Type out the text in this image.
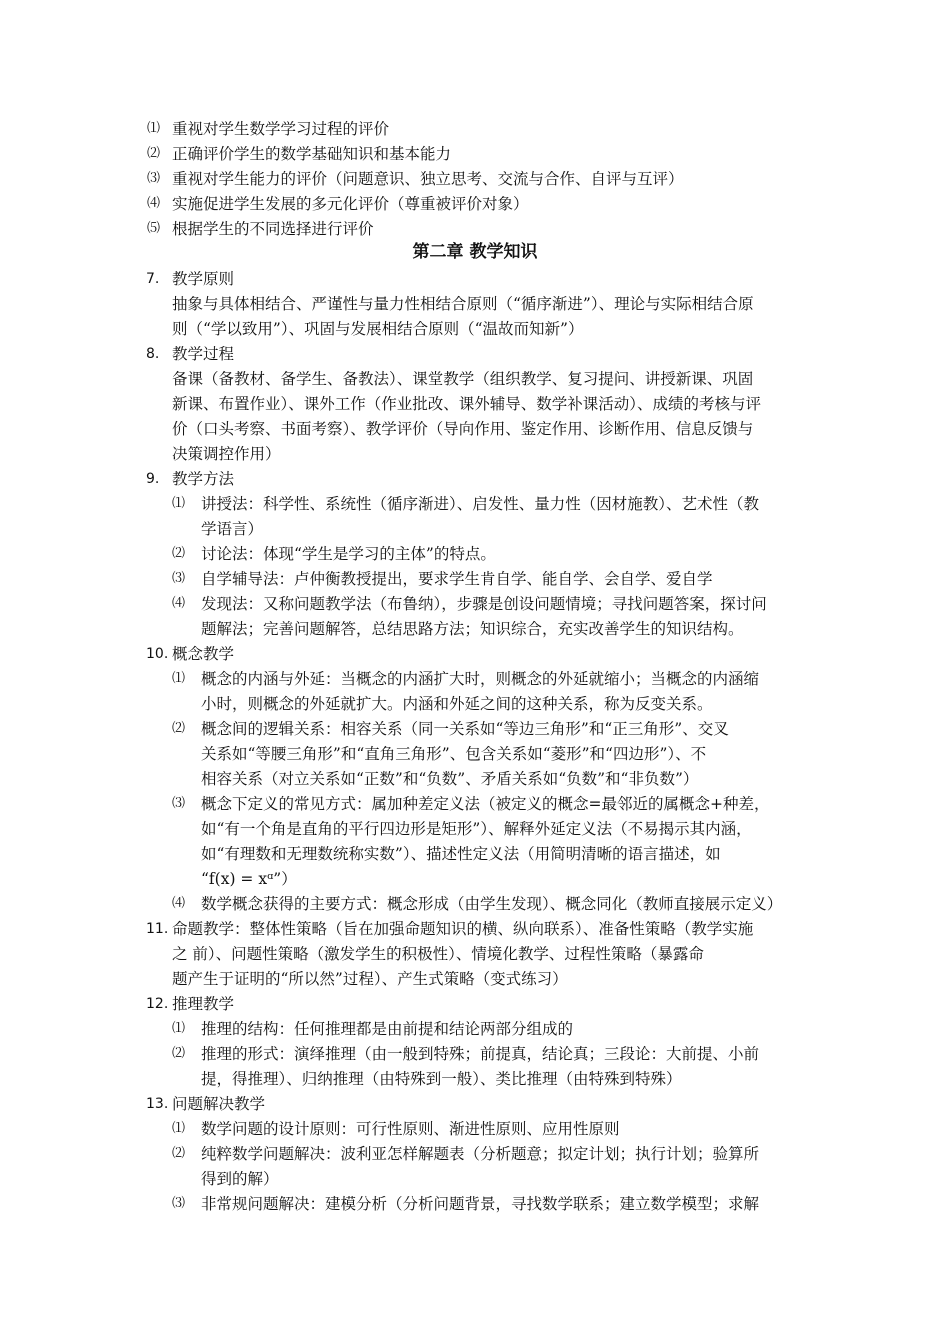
第二章 教学知识
⑴ 重视对学生数学学习过程的评价
⑵ 正确评价学生的数学基础知识和基本能力
⑶ 重视对学生能力的评价（问题意识、独立思考、交流与合作、自评与互评）
⑷ 实施促进学生发展的多元化评价（尊重被评价对象）
⑸ 根据学生的不同选择进行评价
7. 教学原则
抽象与具体相结合、严谨性与量力性相结合原则（“循序渐进”）、理论与实际相结合原
则（“学以致用”）、巩固与发展相结合原则（“温故而知新”）
8. 教学过程
备课（备教材、备学生、备教法）、课堂教学（组织教学、复习提问、讲授新课、巩固
新课、布置作业）、课外工作（作业批改、课外辅导、数学补课活动）、成绩的考核与评
价（口头考察、书面考察）、教学评价（导向作用、鉴定作用、诊断作用、信息反馈与
决策调控作用）
9. 教学方法
⑴ 讲授法：科学性、系统性（循序渐进）、启发性、量力性（因材施教）、艺术性（教
学语言）
⑵ 讨论法：体现“学生是学习的主体”的特点。
⑶ 自学辅导法：卢仲衡教授提出，要求学生肯自学、能自学、会自学、爱自学
⑷ 发现法：又称问题教学法（布鲁纳），步骤是创设问题情境；寻找问题答案，探讨问
题解法；完善问题解答，总结思路方法；知识综合，充实改善学生的知识结构。
10. 概念教学
⑴ 概念的内涵与外延：当概念的内涵扩大时，则概念的外延就缩小；当概念的内涵缩
小时，则概念的外延就扩大。内涵和外延之间的这种关系，称为反变关系。
⑵ 概念间的逻辑关系：相容关系（同一关系如“等边三角形”和“正三角形”、交叉
关系如“等腰三角形”和“直角三角形”、包含关系如“菱形”和“四边形”）、不
相容关系（对立关系如“正数”和“负数”、矛盾关系如“负数”和“非负数”）
⑶ 概念下定义的常见方式：属加种差定义法（被定义的概念=最邻近的属概念+种差，
如“有一个角是直角的平行四边形是矩形”）、解释外延定义法（不易揭示其内涵，
如“有理数和无理数统称实数”）、描述性定义法（用简明清晰的语言描述，如
“f(x) = xᵅ”）
⑷ 数学概念获得的主要方式：概念形成（由学生发现）、概念同化（教师直接展示定义）
11. 命题教学：整体性策略（旨在加强命题知识的横、纵向联系）、准备性策略（教学实施
之 前）、问题性策略（激发学生的积极性）、情境化教学、过程性策略（暴露命
题产生于证明的“所以然”过程）、产生式策略（变式练习）
12. 推理教学
⑴ 推理的结构：任何推理都是由前提和结论两部分组成的
⑵ 推理的形式：演绎推理（由一般到特殊；前提真，结论真；三段论：大前提、小前
提，得推理）、归纳推理（由特殊到一般）、类比推理（由特殊到特殊）
13. 问题解决教学
⑴ 数学问题的设计原则：可行性原则、渐进性原则、应用性原则
⑵ 纯粹数学问题解决：波利亚怎样解题表（分析题意；拟定计划；执行计划；验算所
得到的解）
⑶ 非常规问题解决：建模分析（分析问题背景，寻找数学联系；建立数学模型；求解
